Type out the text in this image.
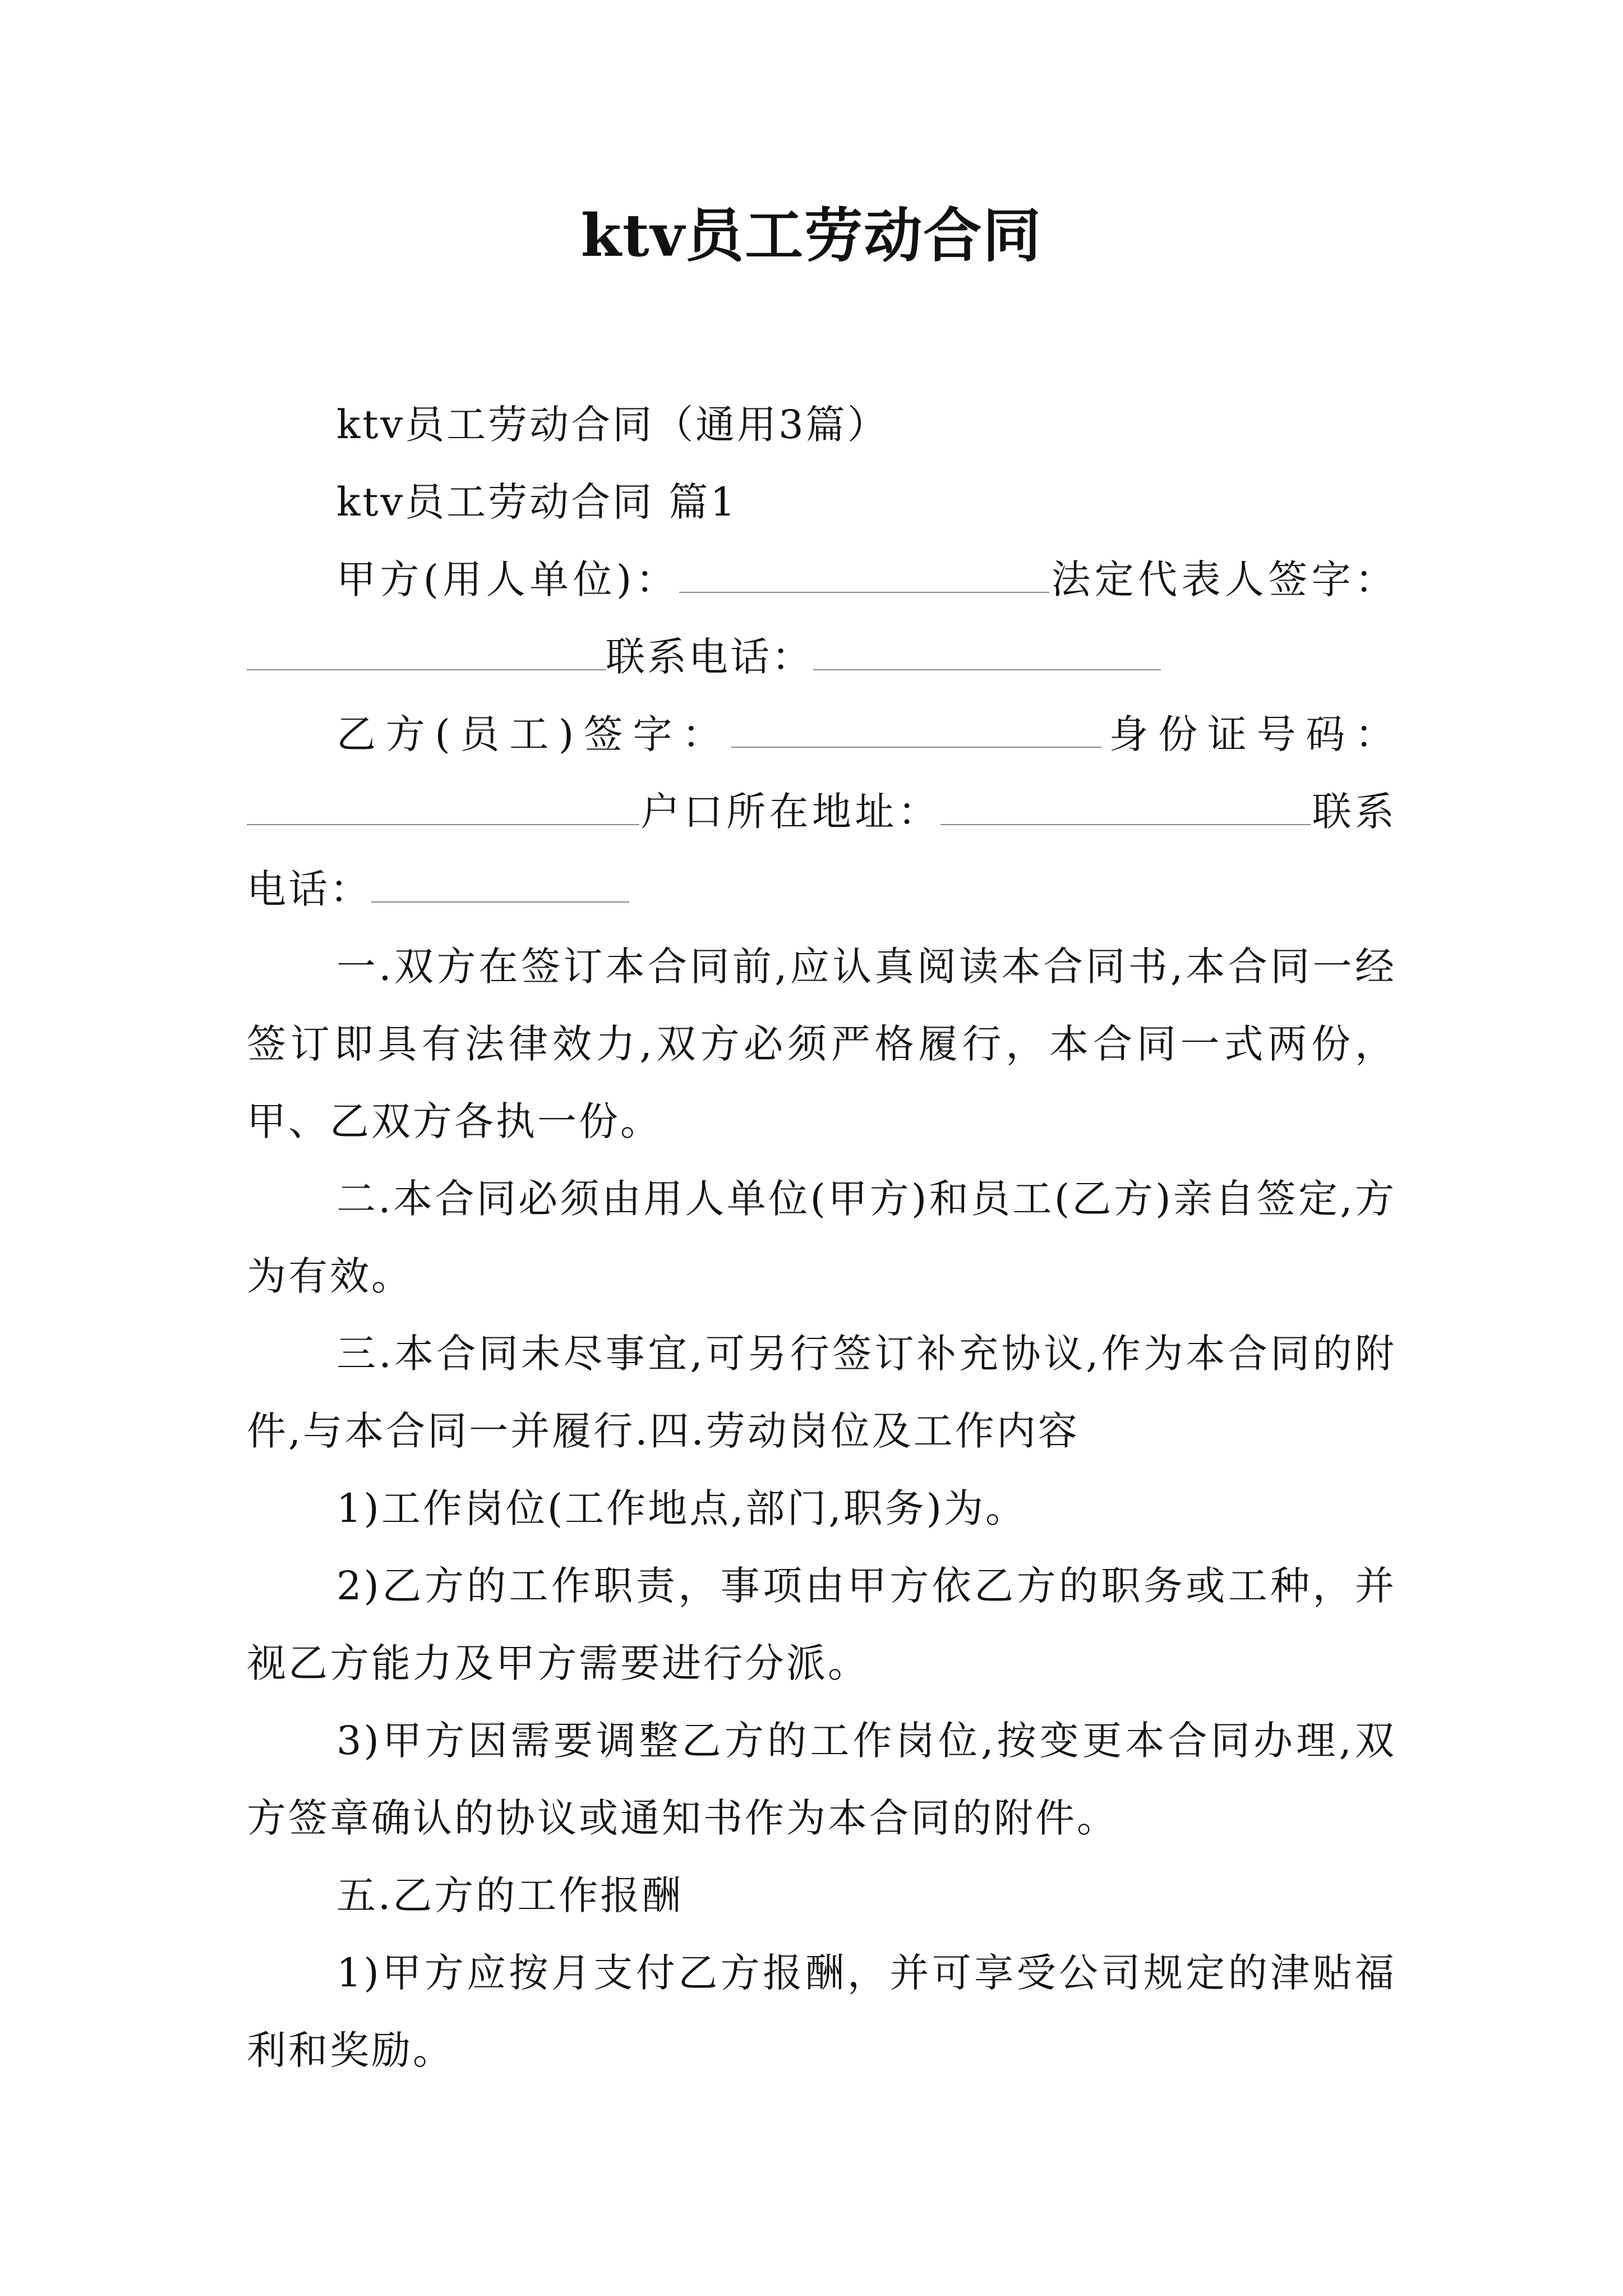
ktv员工劳动合同

ktv员工劳动合同（通用3篇）

ktv员工劳动合同 篇1

甲方(用人单位)：	法定代表人签字：联系电话：

乙方(员工)签字：	身份证号码：户口所在地址：	联系电话：

一.双方在签订本合同前,应认真阅读本合同书,本合同一经签订即具有法律效力,双方必须严格履行，本合同一式两份，甲、乙双方各执一份。

二.本合同必须由用人单位(甲方)和员工(乙方)亲自签定,方为有效。

三.本合同未尽事宜,可另行签订补充协议,作为本合同的附件,与本合同一并履行.四.劳动岗位及工作内容

1)工作岗位(工作地点,部门,职务)为。

2)乙方的工作职责，事项由甲方依乙方的职务或工种，并视乙方能力及甲方需要进行分派。

3)甲方因需要调整乙方的工作岗位,按变更本合同办理,双方签章确认的协议或通知书作为本合同的附件。

五.乙方的工作报酬

1)甲方应按月支付乙方报酬，并可享受公司规定的津贴福利和奖励。
